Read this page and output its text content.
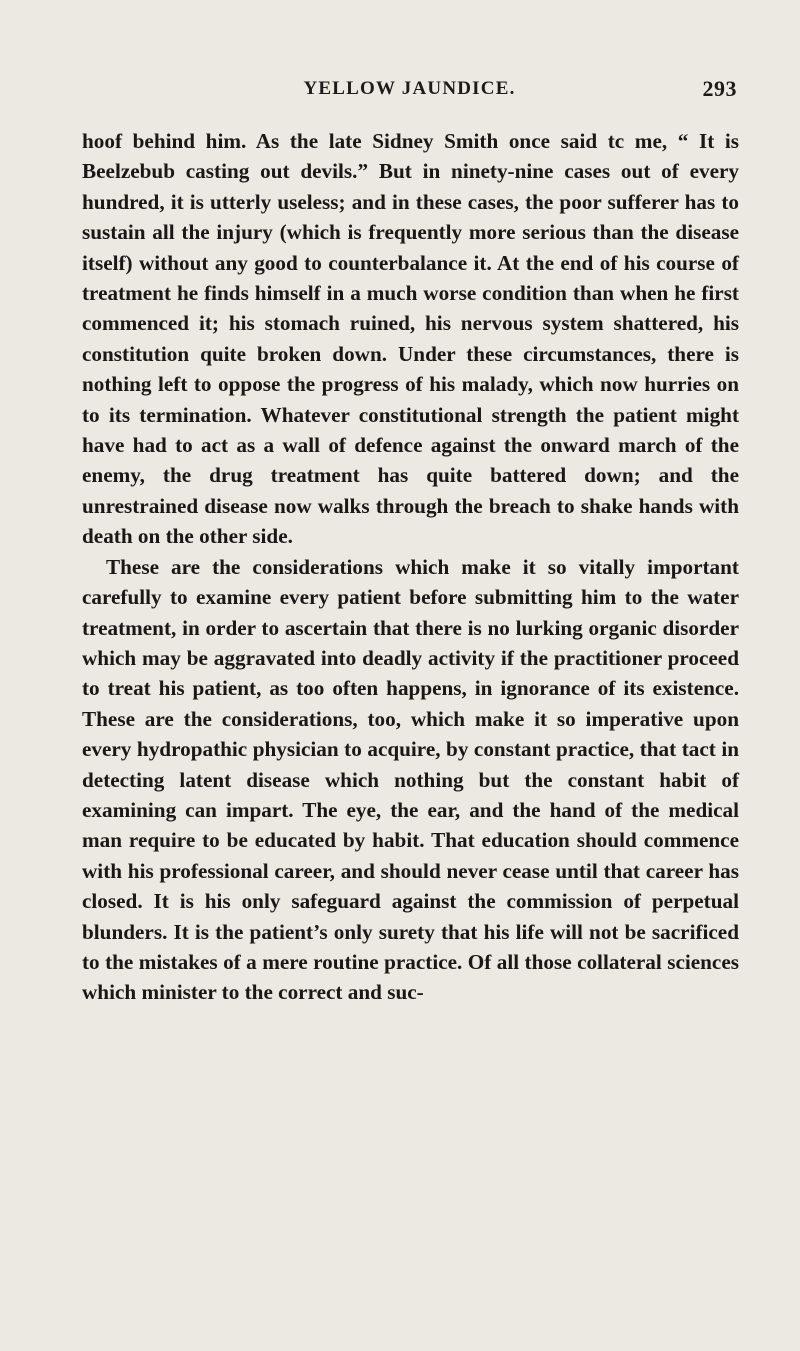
YELLOW JAUNDICE.	293

hoof behind him. As the late Sidney Smith once said tc me, “ It is Beelzebub casting out devils.” But in ninety-nine cases out of every hundred, it is utterly useless; and in these cases, the poor sufferer has to sustain all the injury (which is frequently more serious than the disease itself) without any good to counterbalance it. At the end of his course of treatment he finds himself in a much worse condition than when he first commenced it; his stomach ruined, his nervous system shattered, his constitution quite broken down. Under these circumstances, there is nothing left to oppose the progress of his malady, which now hurries on to its termination. Whatever constitutional strength the patient might have had to act as a wall of defence against the onward march of the enemy, the drug treatment has quite battered down; and the unrestrained disease now walks through the breach to shake hands with death on the other side.

These are the considerations which make it so vitally important carefully to examine every patient before submitting him to the water treatment, in order to ascertain that there is no lurking organic disorder which may be aggravated into deadly activity if the practitioner proceed to treat his patient, as too often happens, in ignorance of its existence. These are the considerations, too, which make it so imperative upon every hydropathic physician to acquire, by constant practice, that tact in detecting latent disease which nothing but the constant habit of examining can impart. The eye, the ear, and the hand of the medical man require to be educated by habit. That education should commence with his professional career, and should never cease until that career has closed. It is his only safeguard against the commission of perpetual blunders. It is the patient’s only surety that his life will not be sacrificed to the mistakes of a mere routine practice. Of all those collateral sciences which minister to the correct and suc-
